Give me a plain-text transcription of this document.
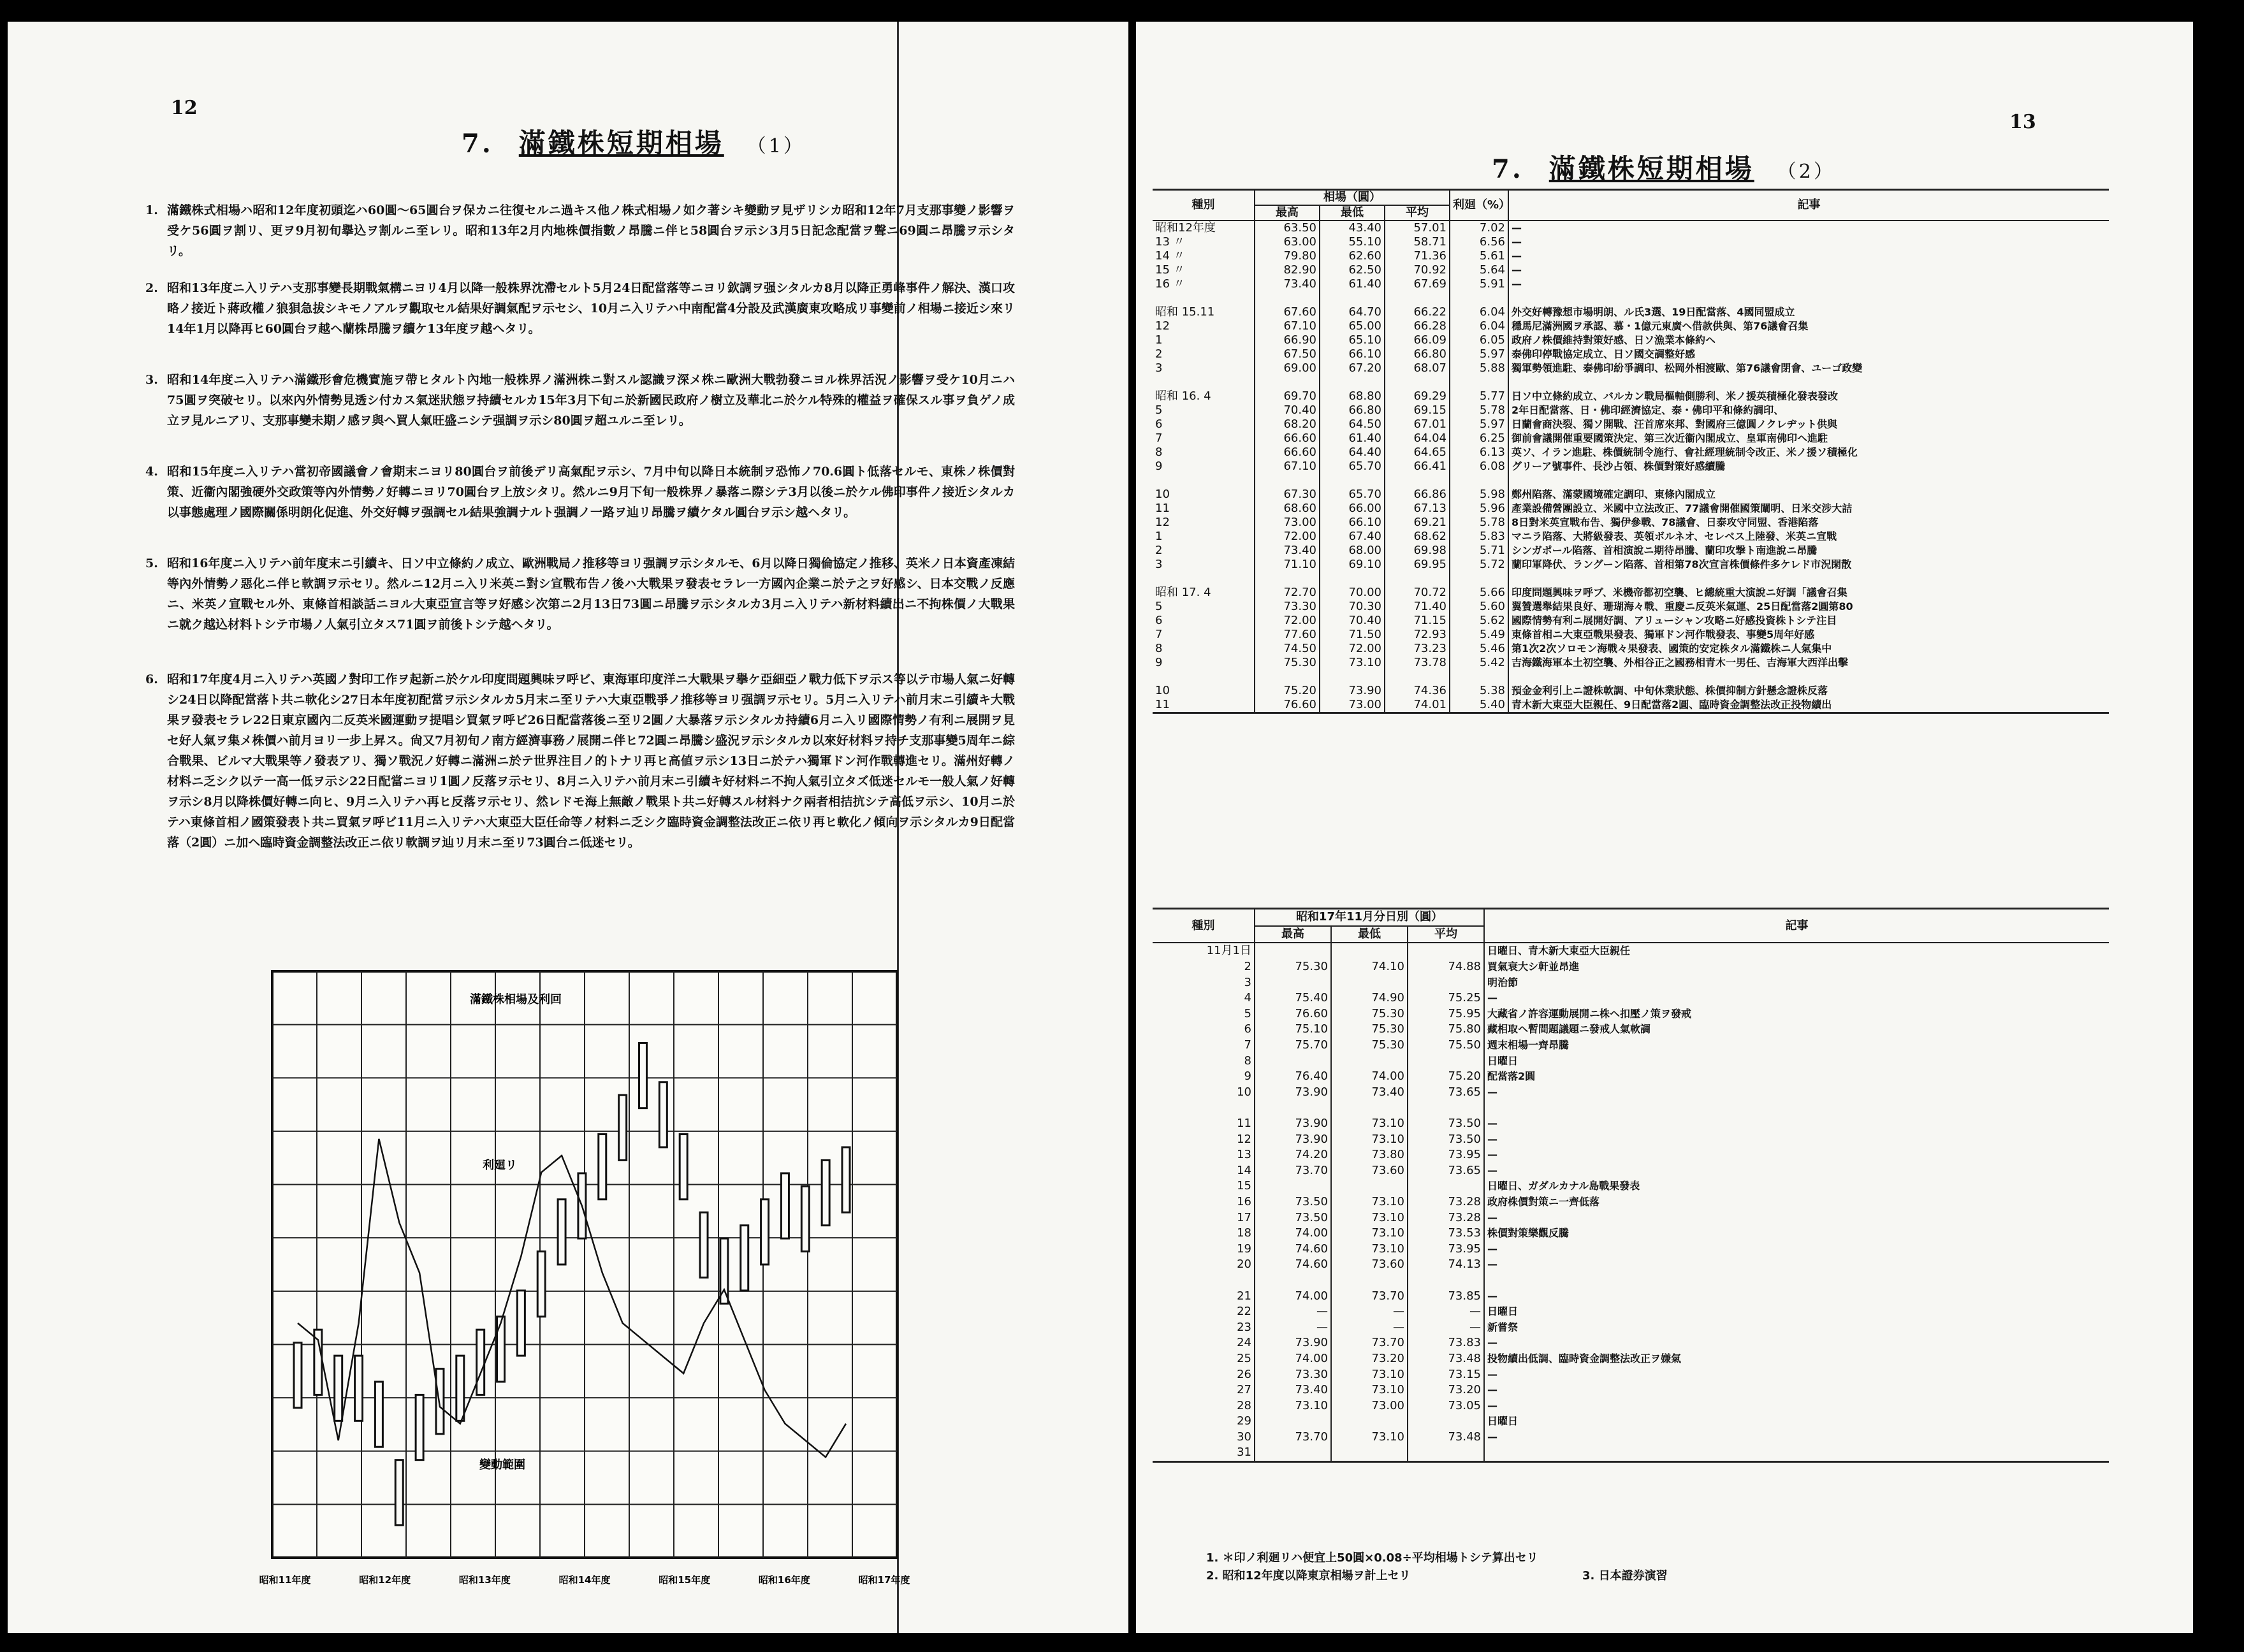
12
7. 滿鐵株短期相場 （1）
1. 滿鐵株式相場ハ昭和12年度初頭迄ハ60圓～65圓台ヲ保カニ往復セルニ過キス他ノ株式相場ノ如ク著シキ變動ヲ見ザリシカ昭和12年7月支那事變ノ影響ヲ受ケ56圓ヲ割リ、更ヲ9月初旬擧込ヲ割ルニ至レリ。昭和13年2月内地株價指數ノ昂騰ニ伴ヒ58圓台ヲ示シ3月5日記念配當ヲ聲ニ69圓ニ昂騰ヲ示シタリ。
2. 昭和13年度ニ入リテハ支那事變長期戰氣構ニヨリ4月以降一般株界沈滯セルト5月24日配當落等ニヨリ欽調ヲ强シタルカ8月以降正勇峰事件ノ解決、漢口攻略ノ接近ト蔣政權ノ狼狽急拔シキモノアルヲ觀取セル結果好調氣配ヲ示セシ、10月ニ入リテハ中南配當4分設及武漢廣東攻略成リ事變前ノ相場ニ接近シ來リ14年1月以降再ヒ60圓台ヲ越ヘ蘭株昂騰ヲ續ケ13年度ヲ越ヘタリ。
3. 昭和14年度ニ入リテハ滿鐵形會危機實施ヲ帶ヒタルト內地一般株界ノ滿洲株ニ對スル認識ヲ深メ株ニ歐洲大戰勃發ニヨル株界活況ノ影響ヲ受ケ10月ニハ75圓ヲ突破セリ。以來內外情勢見透シ付カス氣迷狀態ヲ持續セルカ15年3月下旬ニ於新國民政府ノ樹立及華北ニ於ケル特殊的權益ヲ確保スル事ヲ負ゲノ成立ヲ見ルニアリ、支那事變未期ノ感ヲ與ヘ買人氣旺盛ニシテ强調ヲ示シ80圓ヲ超ユルニ至レリ。
4. 昭和15年度ニ入リテハ當初帝國議會ノ會期末ニヨリ80圓台ヲ前後デリ高氣配ヲ示シ、7月中旬以降日本統制ヲ恐怖ノ70.6圓ト低落セルモ、東株ノ株價對策、近衞內閣強硬外交政策等內外情勢ノ好轉ニヨリ70圓台ヲ上放シタリ。然ルニ9月下旬一般株界ノ暴落ニ際シテ3月以後ニ於ケル佛印事件ノ接近シタルカ以事態處理ノ國際關係明朗化促進、外交好轉ヲ强調セル結果強調ナルト强調ノ一路ヲ辿リ昂騰ヲ續ケタル圓台ヲ示シ越ヘタリ。
5. 昭和16年度ニ入リテハ前年度末ニ引續キ、日ソ中立條約ノ成立、歐洲戰局ノ推移等ヨリ强調ヲ示シタルモ、6月以降日獨倫協定ノ推移、英米ノ日本資產凍結等內外情勢ノ惡化ニ伴ヒ軟調ヲ示セリ。然ルニ12月ニ入リ米英ニ對シ宣戰布告ノ後ハ大戰果ヲ發表セラレ一方國內企業ニ於テ之ヲ好感シ、日本交戰ノ反應ニ、米英ノ宣戰セル外、東條首相談話ニヨル大東亞宣言等ヲ好感シ次第ニ2月13日73圓ニ昂騰ヲ示シタルカ3月ニ入リテハ新材料續出ニ不拘株價ノ大戰果ニ就ク越込材料トシテ市場ノ人氣引立タス71圓ヲ前後トシテ越ヘタリ。
6. 昭和17年度4月ニ入リテハ英國ノ對印工作ヲ起新ニ於ケル印度問題興味ヲ呼ビ、東海軍印度洋ニ大戰果ヲ擧ケ亞細亞ノ戰力低下ヲ示ス等以テ市場人氣ニ好轉シ24日以降配當落ト共ニ軟化シ27日本年度初配當ヲ示シタルカ5月末ニ至リテハ大東亞戰爭ノ推移等ヨリ强調ヲ示セリ。5月ニ入リテハ前月末ニ引續キ大戰果ヲ發表セラレ22日東京國內二反英米國運動ヲ提唱シ買氣ヲ呼ビ26日配當落後ニ至リ2圓ノ大暴落ヲ示シタルカ持續6月ニ入リ國際情勢ノ有利ニ展開ヲ見セ好人氣ヲ集メ株價ハ前月ヨリ一步上昇ス。尙又7月初旬ノ南方經濟事務ノ展開ニ伴ヒ72圓ニ昂騰シ盛況ヲ示シタルカ以來好材料ヲ持チ支那事變5周年ニ綜合戰果、ビルマ大戰果等ノ發表アリ、獨ソ戰況ノ好轉ニ滿洲ニ於テ世界注目ノ的トナリ再ヒ高値ヲ示シ13日ニ於テハ獨軍ドン河作戰轉進セリ。滿州好轉ノ材料ニ乏シク以テ一高一低ヲ示シ22日配當ニヨリ1圓ノ反落ヲ示セリ、8月ニ入リテハ前月末ニ引續キ好材料ニ不拘人氣引立タズ低迷セルモ一般人氣ノ好轉ヲ示シ8月以降株價好轉ニ向ヒ、9月ニ入リテハ再ヒ反落ヲ示セリ、然レドモ海上無敵ノ戰果ト共ニ好轉スル材料ナク兩者相拮抗シテ高低ヲ示シ、10月ニ於テハ東條首相ノ國策發表ト共ニ買氣ヲ呼ビ11月ニ入リテハ大東亞大臣任命等ノ材料ニ乏シク臨時資金調整法改正ニ依リ再ヒ軟化ノ傾向ヲ示シタルカ9日配當落（2圓）ニ加ヘ臨時資金調整法改正ニ依リ軟調ヲ辿リ月末ニ至リ73圓台ニ低迷セリ。
滿鐵株相場及利回
利廻リ
變動範圍
昭和11年度	昭和12年度	昭和13年度	昭和14年度	昭和15年度	昭和16年度	昭和17年度
13
7. 滿鐵株短期相場 （2）
種別	相場（圓）			利廻（%）	記事
	最高	最低	平均		
昭和12年度	63.50	43.40	57.01	7.02	—
13 〃	63.00	55.10	58.71	6.56	—
14 〃	79.80	62.60	71.36	5.61	—
15 〃	82.90	62.50	70.92	5.64	—
16 〃	73.40	61.40	67.69	5.91	—

昭和 15.11	67.60	64.70	66.22	6.04	外交好轉豫想市場明朗、ル氏3選、19日配當落、4國同盟成立
12	67.10	65.00	66.28	6.04	穩馬尼滿洲國ヲ承認、慕・1億元東廣ヘ借款供與、第76議會召集
1	66.90	65.10	66.09	6.05	政府ノ株價維持對策好感、日ソ漁業本條約ヘ
2	67.50	66.10	66.80	5.97	泰佛印停戰協定成立、日ソ國交調整好感
3	69.00	67.20	68.07	5.88	獨軍勢領進駐、泰佛印紛爭調印、松岡外相渡歐、第76議會閉會、ユーゴ政變

昭和 16. 4	69.70	68.80	69.29	5.77	日ソ中立條約成立、バルカン戰局樞軸側勝利、米ノ援英積極化發表發改
5	70.40	66.80	69.15	5.78	2年日配當落、日・佛印經濟協定、泰・佛印平和條約調印、
6	68.20	64.50	67.01	5.97	日蘭會商決裂、獨ソ開戰、汪首席來邦、對國府三億圓ノクレヂット供與
7	66.60	61.40	64.04	6.25	御前會議開催重要國策決定、第三次近衞內閣成立、皇軍南佛印ヘ進駐
8	66.60	64.40	64.65	6.13	英ソ、イラン進駐、株價統制令施行、會社經理統制令改正、米ノ援ソ積極化
9	67.10	65.70	66.41	6.08	グリーア號事件、長沙占領、株價對策好感續騰

10	67.30	65.70	66.86	5.98	鄭州陷落、滿蒙國境確定調印、東條內閣成立
11	68.60	66.00	67.13	5.96	產業設備營團設立、米國中立法改正、77議會開催國策闡明、日米交涉大詰
12	73.00	66.10	69.21	5.78	8日對米英宣戰布告、獨伊參戰、78議會、日泰攻守同盟、香港陷落
1	72.00	67.40	68.62	5.83	マニラ陷落、大將級發表、英領ボルネオ、セレベス上陸發、米英ニ宣戰
2	73.40	68.00	69.98	5.71	シンガポール陷落、首相演說ニ期待昂騰、蘭印攻撃ト南進說ニ昂騰
3	71.10	69.10	69.95	5.72	蘭印軍降伏、ラングーン陷落、首相第78次宣言株價條件多ケレド市況閑散

昭和 17. 4	72.70	70.00	70.72	5.66	印度問題興味ヲ呼ブ、米機帝都初空襲、ヒ總統重大演說ニ好調「議會召集
5	73.30	70.30	71.40	5.60	翼贊選舉結果良好、珊瑚海々戰、重慶ニ反英米氣運、25日配當落2圓第80
6	72.00	70.40	71.15	5.62	國際情勢有利ニ展開好調、アリューシャン攻略ニ好感投資株トシテ注目
7	77.60	71.50	72.93	5.49	東條首相ニ大東亞戰果發表、獨軍ドン河作戰發表、事變5周年好感
8	74.50	72.00	73.23	5.46	第1次2次ソロモン海戰々果發表、國策的安定株タル滿鐵株ニ人氣集中
9	75.30	73.10	73.78	5.42	吉海鐵海軍本土初空襲、外相谷正之國務相青木一男任、吉海軍大西洋出擊

10	75.20	73.90	74.36	5.38	預金金利引上ニ證株軟調、中旬休業狀態、株價抑制方針懸念證株反落
11	76.60	73.00	74.01	5.40	青木新大東亞大臣親任、9日配當落2圓、臨時資金調整法改正投物續出
種別	昭和17年11月分日別（圓）			記事
	最高	最低	平均	
11月1日				日曜日、青木新大東亞大臣親任
2	75.30	74.10	74.88	買氣衰大シ軒並昂進
3				明治節
4	75.40	74.90	75.25	—
5	76.60	75.30	75.95	大藏省ノ許容運動展開ニ株ヘ扣壓ノ策ヲ發戒
6	75.10	75.30	75.80	藏相取ヘ暫間題議題ニ發戒人氣軟調
7	75.70	75.30	75.50	週末相場一齊昂騰
8				日曜日
9	76.40	74.00	75.20	配當落2圓
10	73.90	73.40	73.65	—

11	73.90	73.10	73.50	—
12	73.90	73.10	73.50	—
13	74.20	73.80	73.95	—
14	73.70	73.60	73.65	—
15				日曜日、ガダルカナル島戰果發表
16	73.50	73.10	73.28	政府株價對策ニ一齊低落
17	73.50	73.10	73.28	—
18	74.00	73.10	73.53	株價對策樂觀反騰
19	74.60	73.10	73.95	—
20	74.60	73.60	74.13	—

21	74.00	73.70	73.85	—
22	—	—	—	日曜日
23	—	—	—	新嘗祭
24	73.90	73.70	73.83	—
25	74.00	73.20	73.48	投物續出低調、臨時資金調整法改正ヲ嫌氣
26	73.30	73.10	73.15	—
27	73.40	73.10	73.20	—
28	73.10	73.00	73.05	—
29				日曜日
30	73.70	73.10	73.48	—
31				
1. ＊印ノ利廻リハ便宜上50圓×0.08÷平均相場トシテ算出セリ
2. 昭和12年度以降東京相場ヲ計上セリ	3. 日本證券演習
